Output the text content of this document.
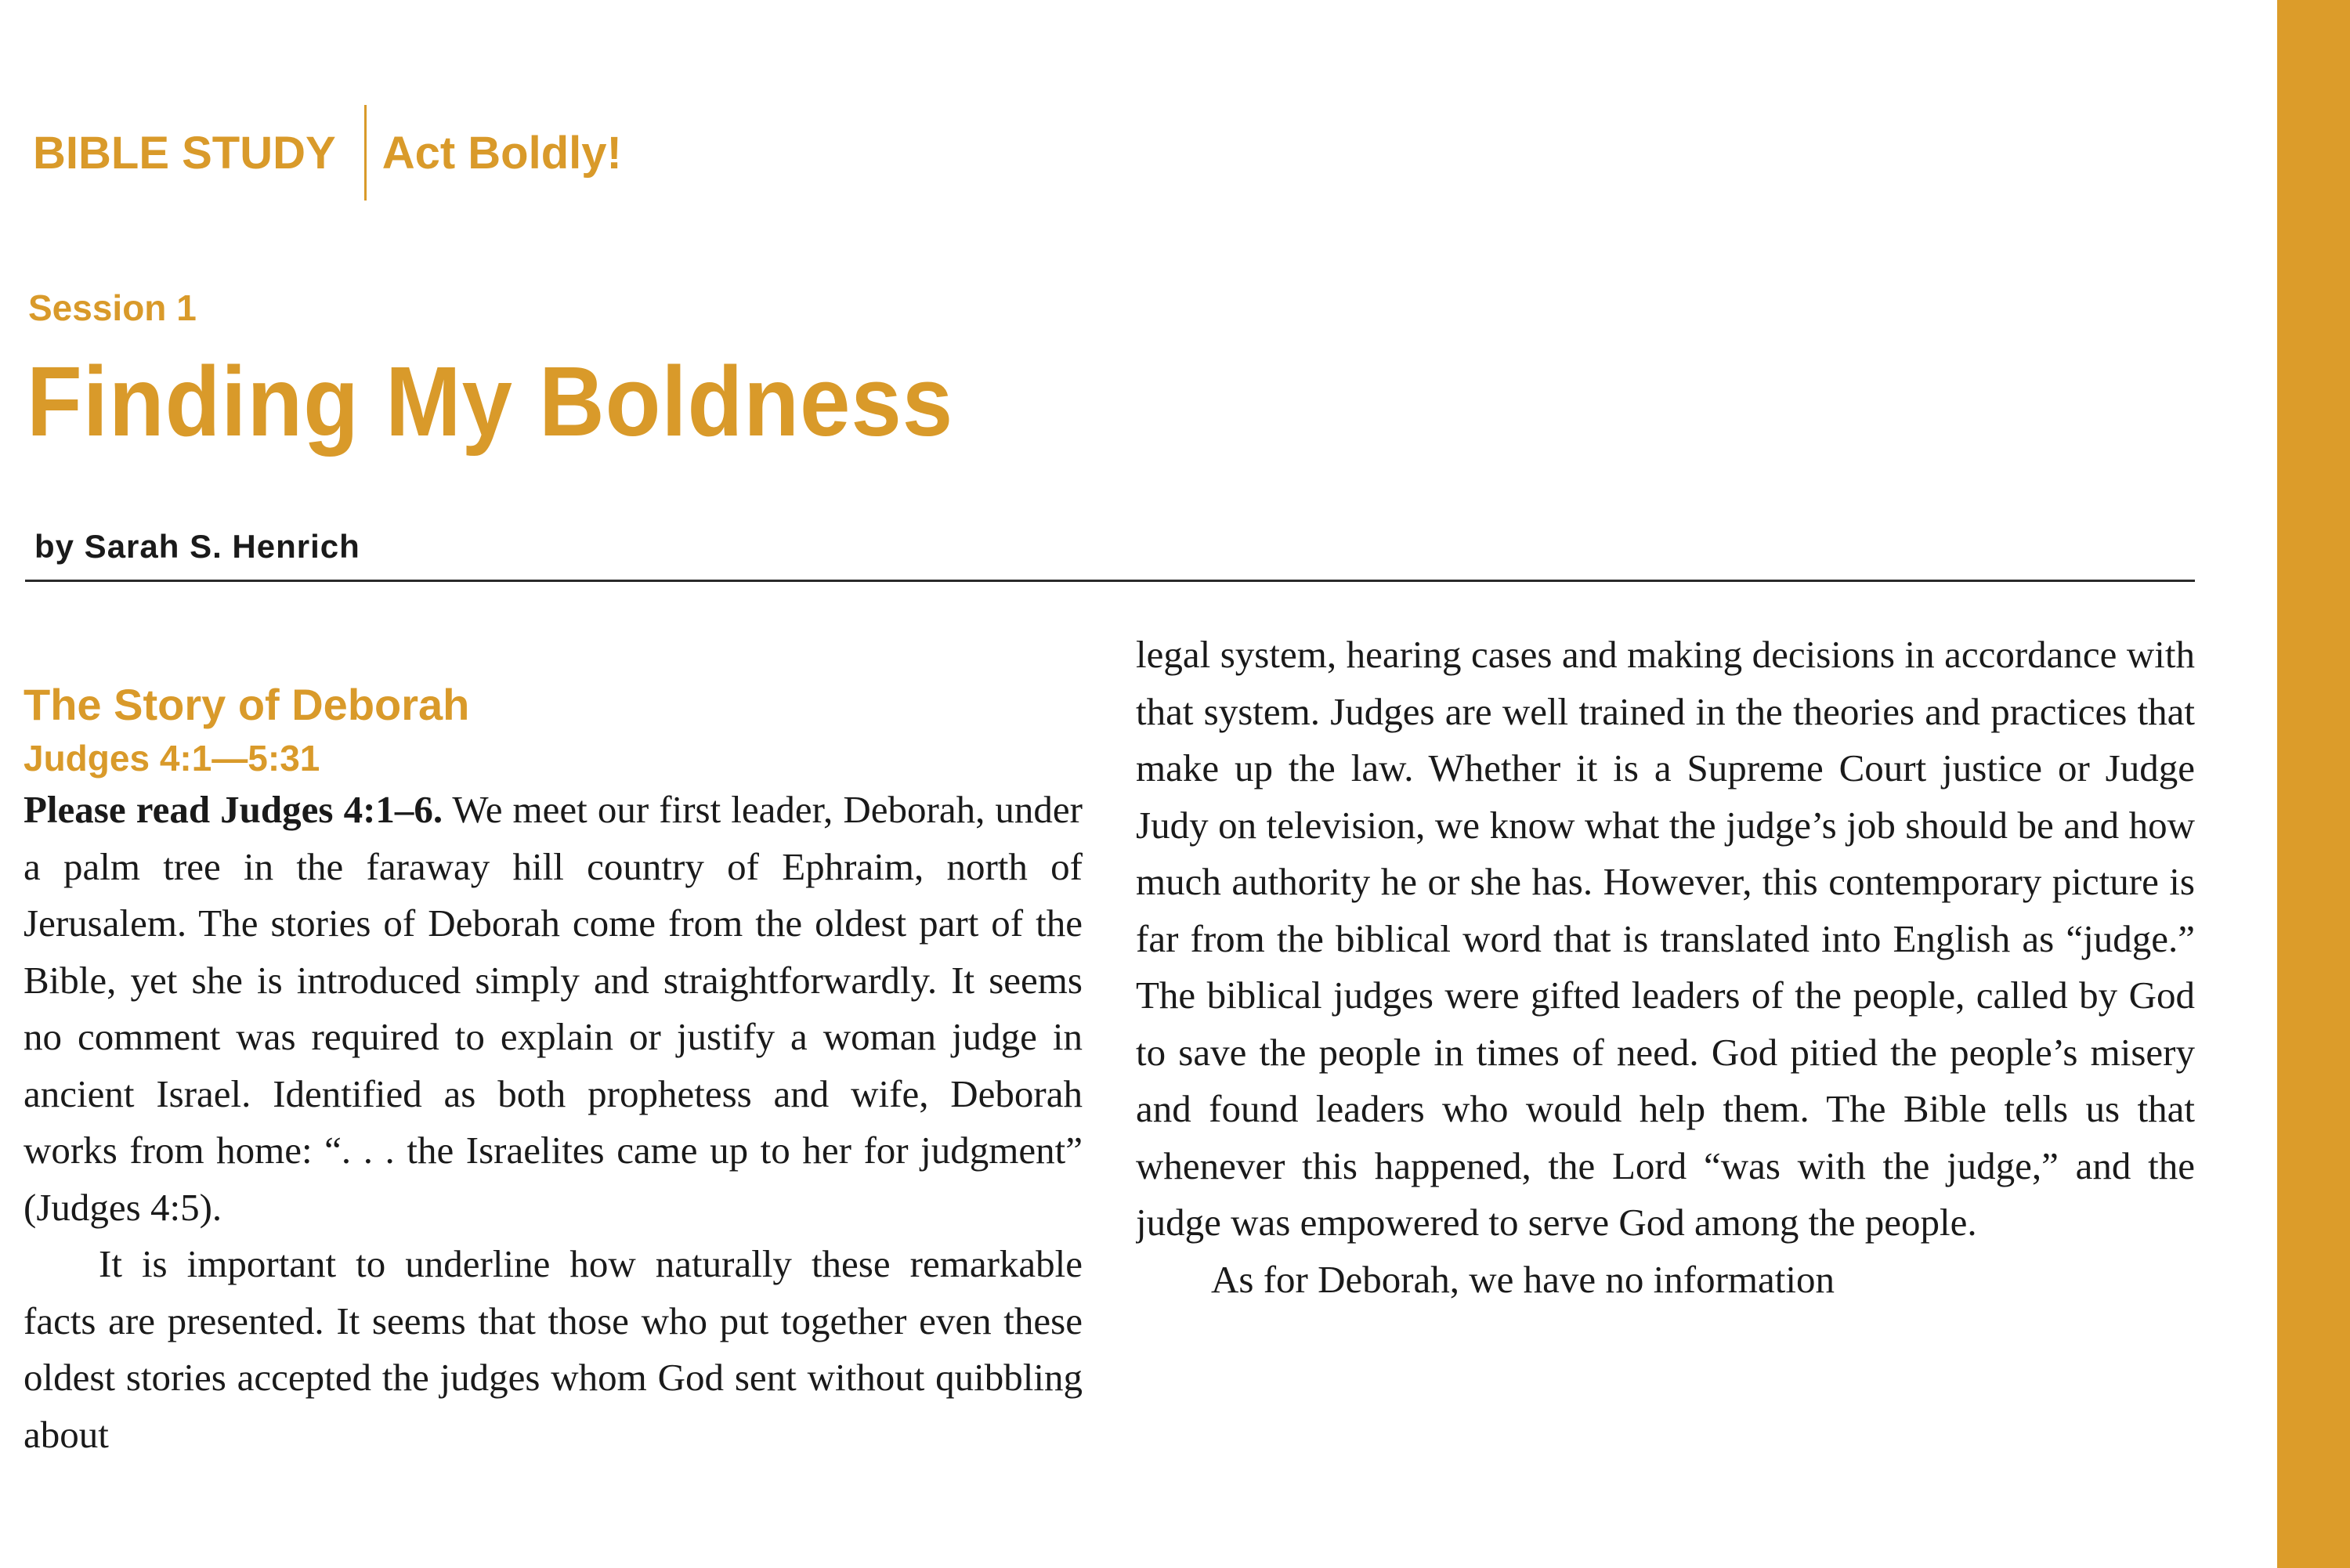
BIBLE STUDY Act Boldly!
Session 1
Finding My Boldness
by Sarah S. Henrich
The Story of Deborah
Judges 4:1—5:31

Please read Judges 4:1–6. We meet our first leader, Deborah, under a palm tree in the faraway hill country of Ephraim, north of Jerusalem. The stories of Deborah come from the oldest part of the Bible, yet she is introduced simply and straightforwardly. It seems no comment was required to explain or justify a woman judge in ancient Israel. Identified as both prophetess and wife, Deborah works from home: “. . . the Israelites came up to her for judgment” (Judges 4:5).

It is important to underline how naturally these remarkable facts are presented. It seems that those who put together even these oldest stories accepted the judges whom God sent without quibbling about

legal system, hearing cases and making decisions in accordance with that system. Judges are well trained in the theories and practices that make up the law. Whether it is a Supreme Court justice or Judge Judy on television, we know what the judge’s job should be and how much authority he or she has. However, this contemporary picture is far from the biblical word that is translated into English as “judge.” The biblical judges were gifted leaders of the people, called by God to save the people in times of need. God pitied the people’s misery and found leaders who would help them. The Bible tells us that whenever this happened, the Lord “was with the judge,” and the judge was empowered to serve God among the people.

As for Deborah, we have no information
